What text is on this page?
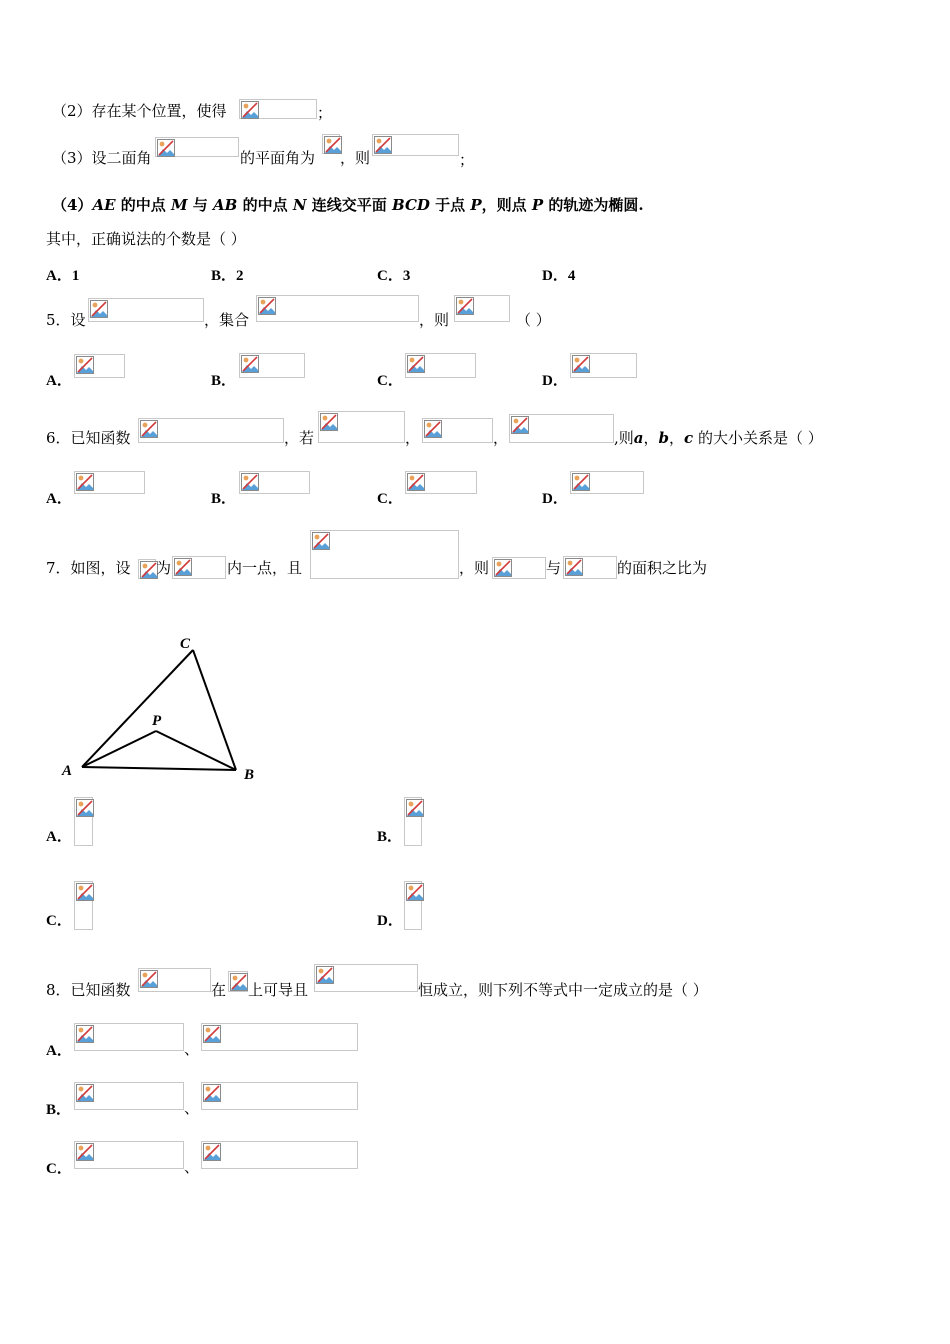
（2）存在某个位置，使得	；
（3）设二面角	的平面角为 ，则	；
（4）AE 的中点 M 与 AB 的中点 N 连线交平面 BCD 于点 P，则点 P 的轨迹为椭圆.
其中，正确说法的个数是（ ）
A．1	B．2	C．3	D．4
5．设	，集合	，则	（ ）
A．	B．	C．	D．
6．已知函数	，若	，	，	,则a，b，c 的大小关系是（ ）
A．	B．	C．	D．
7．如图，设 为	内一点，且	，则	与	的面积之比为
C
P
A	B
A．	B．
C．	D．
8．已知函数	在 上可导且	恒成立，则下列不等式中一定成立的是（ ）
A．	、
B．	、
C．	、
